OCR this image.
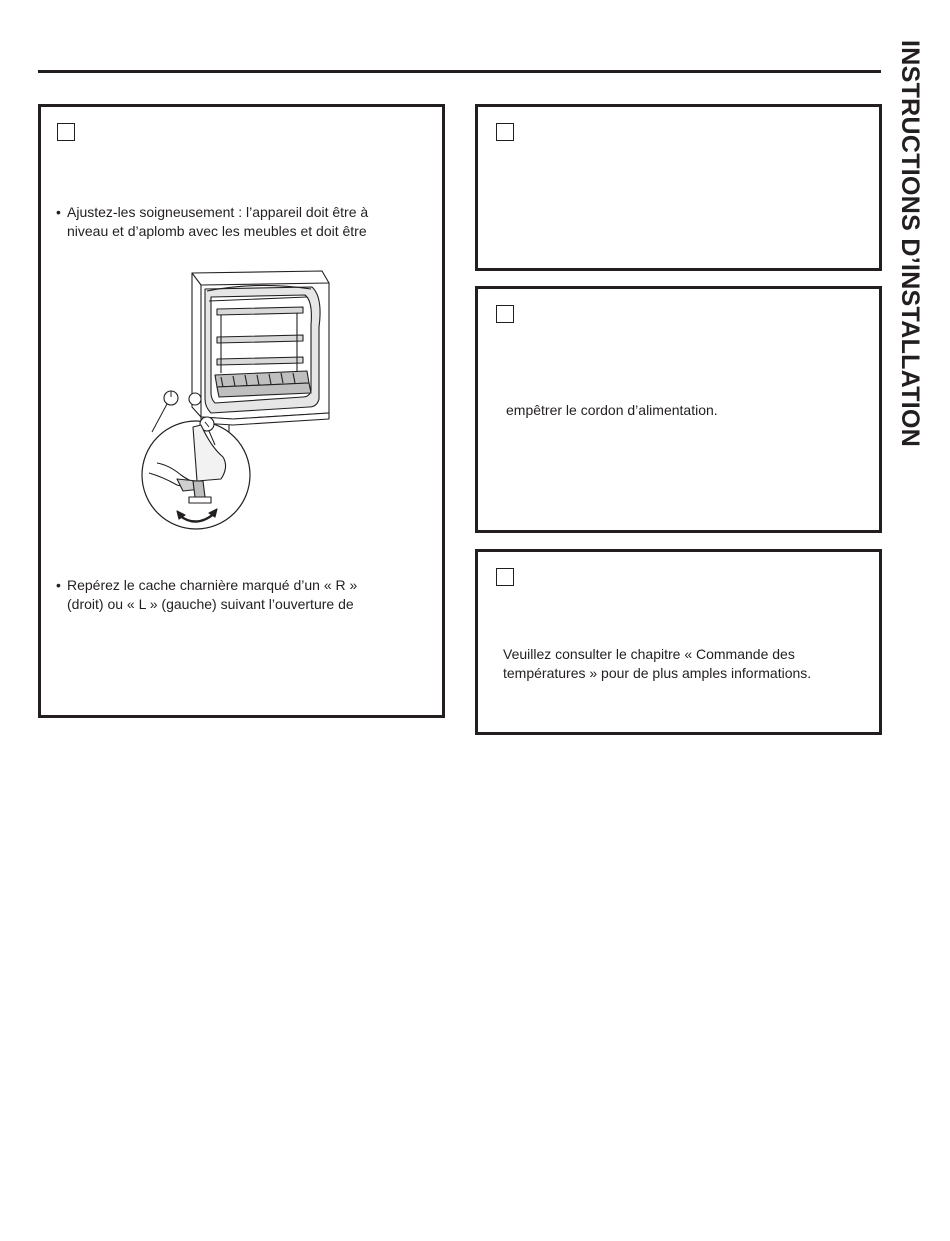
INSTRUCTIONS D’INSTALLATION
• Ajustez-les soigneusement : l’appareil doit être à
niveau et d’aplomb avec les meubles et doit être
• Repérez le cache charnière marqué d’un « R »
(droit) ou « L » (gauche) suivant l’ouverture de
empêtrer le cordon d’alimentation.
Veuillez consulter le chapitre « Commande des
températures » pour de plus amples informations.
